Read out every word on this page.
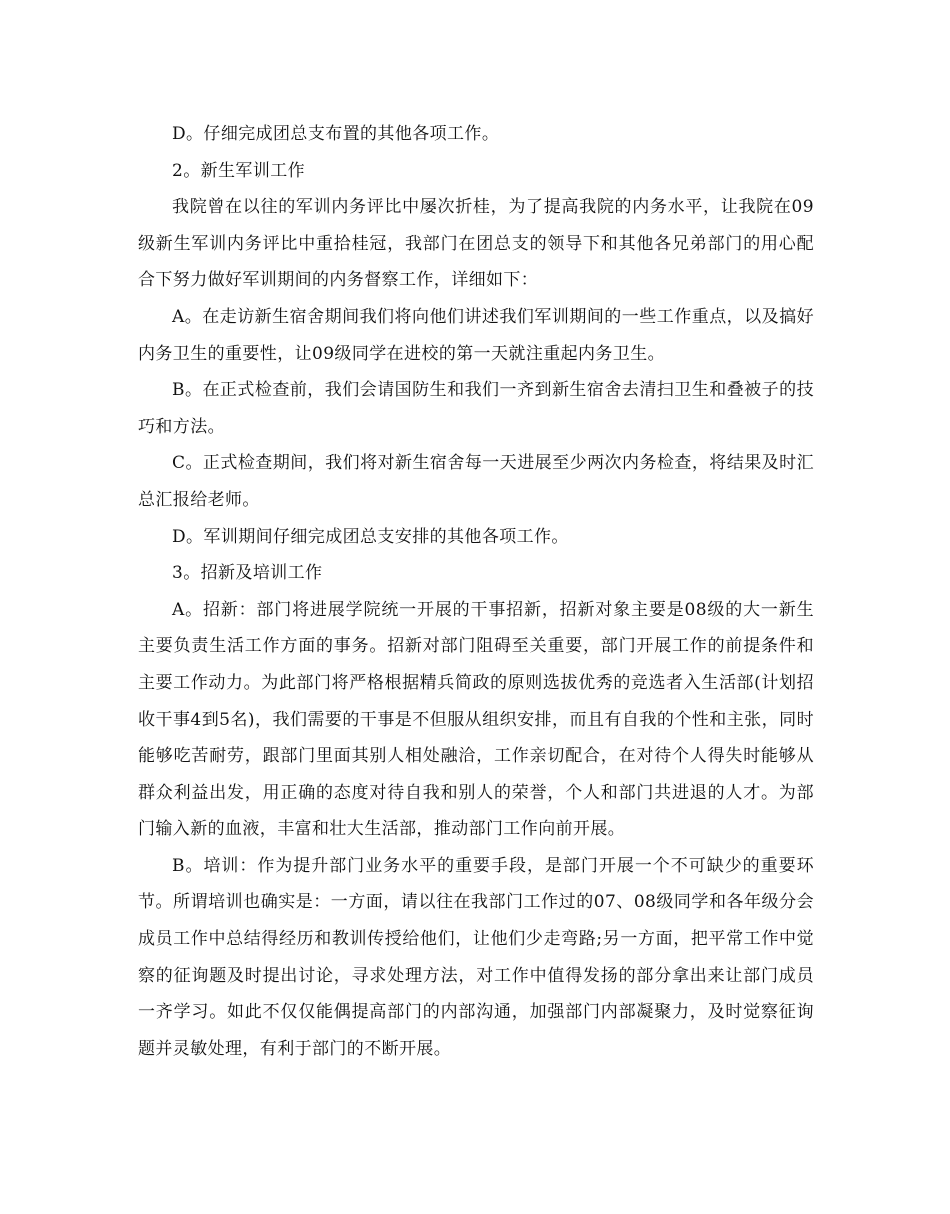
D。仔细完成团总支布置的其他各项工作。

2。新生军训工作

我院曾在以往的军训内务评比中屡次折桂，为了提高我院的内务水平，让我院在09级新生军训内务评比中重拾桂冠，我部门在团总支的领导下和其他各兄弟部门的用心配合下努力做好军训期间的内务督察工作，详细如下：

A。在走访新生宿舍期间我们将向他们讲述我们军训期间的一些工作重点，以及搞好内务卫生的重要性，让09级同学在进校的第一天就注重起内务卫生。

B。在正式检查前，我们会请国防生和我们一齐到新生宿舍去清扫卫生和叠被子的技巧和方法。

C。正式检查期间，我们将对新生宿舍每一天进展至少两次内务检查，将结果及时汇总汇报给老师。

D。军训期间仔细完成团总支安排的其他各项工作。

3。招新及培训工作

A。招新：部门将进展学院统一开展的干事招新，招新对象主要是08级的大一新生主要负责生活工作方面的事务。招新对部门阻碍至关重要，部门开展工作的前提条件和主要工作动力。为此部门将严格根据精兵简政的原则选拔优秀的竞选者入生活部(计划招收干事4到5名)，我们需要的干事是不但服从组织安排，而且有自我的个性和主张，同时能够吃苦耐劳，跟部门里面其别人相处融洽，工作亲切配合，在对待个人得失时能够从群众利益出发，用正确的态度对待自我和别人的荣誉，个人和部门共进退的人才。为部门输入新的血液，丰富和壮大生活部，推动部门工作向前开展。

B。培训：作为提升部门业务水平的重要手段，是部门开展一个不可缺少的重要环节。所谓培训也确实是：一方面，请以往在我部门工作过的07、08级同学和各年级分会成员工作中总结得经历和教训传授给他们，让他们少走弯路;另一方面，把平常工作中觉察的征询题及时提出讨论，寻求处理方法，对工作中值得发扬的部分拿出来让部门成员一齐学习。如此不仅仅能偶提高部门的内部沟通，加强部门内部凝聚力，及时觉察征询题并灵敏处理，有利于部门的不断开展。
